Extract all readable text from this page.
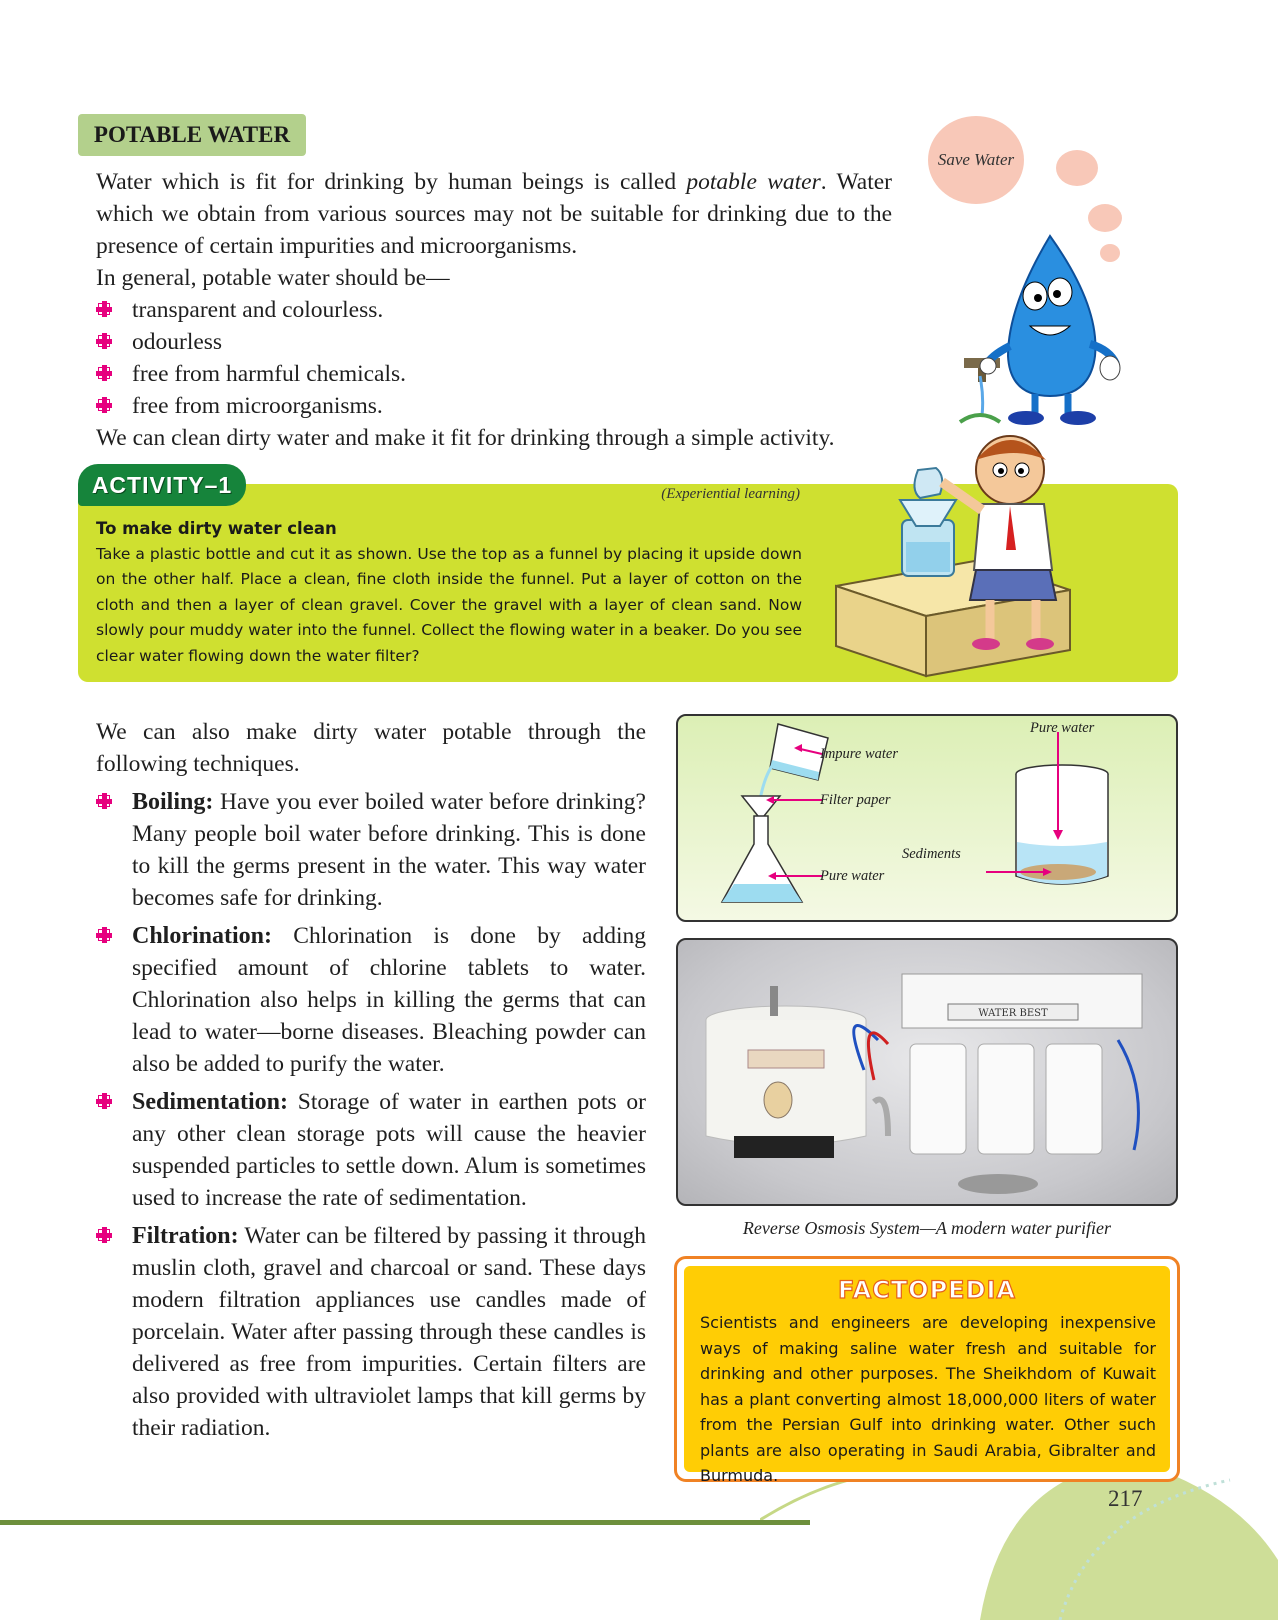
POTABLE WATER
Save Water

Water which is fit for drinking by human beings is called potable water. Water which we obtain from various sources may not be suitable for drinking due to the presence of certain impurities and microorganisms.

In general, potable water should be—

transparent and colourless.
odourless
free from harmful chemicals.
free from microorganisms.

We can clean dirty water and make it fit for drinking through a simple activity.

ACTIVITY–1	(Experiential learning)
To make dirty water clean

Take a plastic bottle and cut it as shown. Use the top as a funnel by placing it upside down on the other half. Place a clean, fine cloth inside the funnel. Put a layer of cotton on the cloth and then a layer of clean gravel. Cover the gravel with a layer of clean sand. Now slowly pour muddy water into the funnel. Collect the flowing water in a beaker. Do you see clear water flowing down the water filter?

We can also make dirty water potable through the following techniques.

Boiling: Have you ever boiled water before drinking? Many people boil water before drinking. This is done to kill the germs present in the water. This way water becomes safe for drinking.
Chlorination: Chlorination is done by adding specified amount of chlorine tablets to water. Chlorination also helps in killing the germs that can lead to water—borne diseases. Bleaching powder can also be added to purify the water.
Sedimentation: Storage of water in earthen pots or any other clean storage pots will cause the heavier suspended particles to settle down. Alum is sometimes used to increase the rate of sedimentation.
Filtration: Water can be filtered by passing it through muslin cloth, gravel and charcoal or sand. These days modern filtration appliances use candles made of porcelain. Water after passing through these candles is delivered as free from impurities. Certain filters are also provided with ultraviolet lamps that kill germs by their radiation.
Impure water
Filter paper
Pure water
Pure water
Sediments
WATER BEST
Reverse Osmosis System—A modern water purifier
FACTOPEDIA
Scientists and engineers are developing inexpensive ways of making saline water fresh and suitable for drinking and other purposes. The Sheikhdom of Kuwait has a plant converting almost 18,000,000 liters of water from the Persian Gulf into drinking water. Other such plants are also operating in Saudi Arabia, Gibralter and Burmuda.
217
